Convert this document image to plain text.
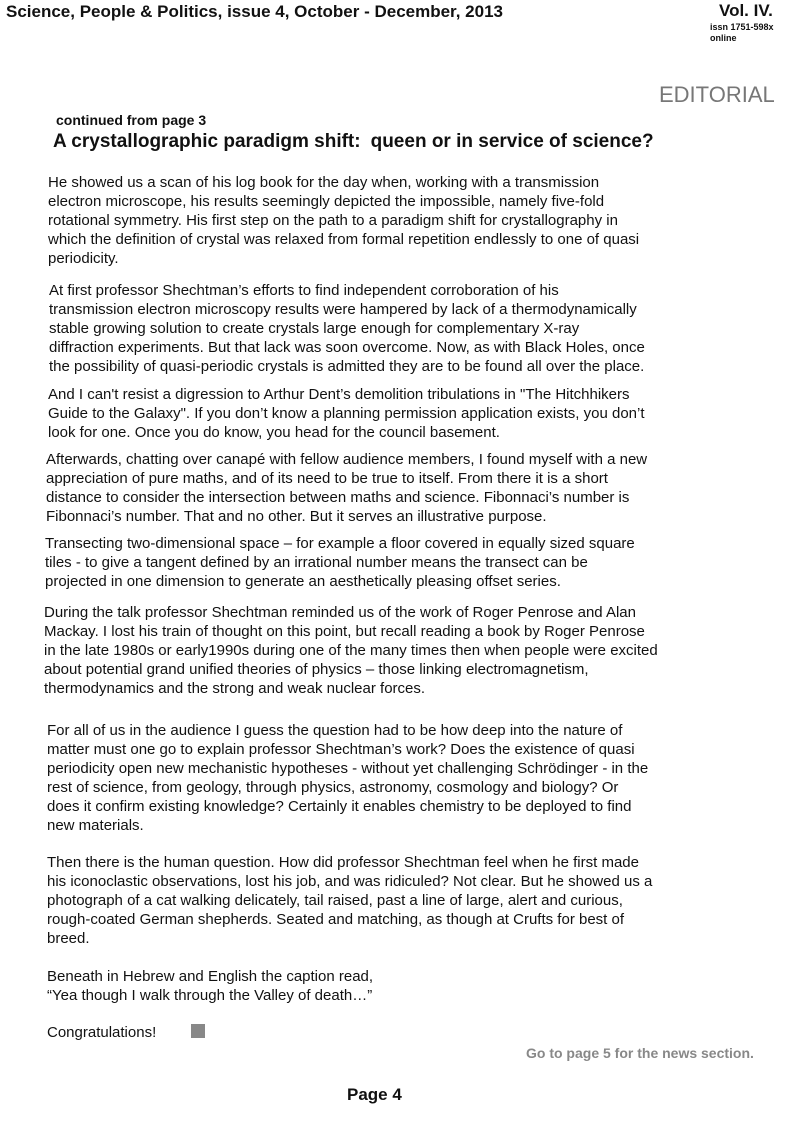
Science, People & Politics, issue 4, October - December, 2013	Vol. IV.
issn 1751-598x
online
EDITORIAL
continued from page 3
A crystallographic paradigm shift: queen or in service of science?
He showed us a scan of his log book for the day when, working with a transmission
electron microscope, his results seemingly depicted the impossible, namely five-fold
rotational symmetry. His first step on the path to a paradigm shift for crystallography in
which the definition of crystal was relaxed from formal repetition endlessly to one of quasi
periodicity.
At first professor Shechtman’s efforts to find independent corroboration of his
transmission electron microscopy results were hampered by lack of a thermodynamically
stable growing solution to create crystals large enough for complementary X-ray
diffraction experiments. But that lack was soon overcome. Now, as with Black Holes, once
the possibility of quasi-periodic crystals is admitted they are to be found all over the place.
And I can't resist a digression to Arthur Dent’s demolition tribulations in "The Hitchhikers
Guide to the Galaxy". If you don’t know a planning permission application exists, you don’t
look for one. Once you do know, you head for the council basement.
Afterwards, chatting over canapé with fellow audience members, I found myself with a new
appreciation of pure maths, and of its need to be true to itself. From there it is a short
distance to consider the intersection between maths and science. Fibonnaci’s number is
Fibonnaci’s number. That and no other. But it serves an illustrative purpose.
Transecting two-dimensional space – for example a floor covered in equally sized square
tiles - to give a tangent defined by an irrational number means the transect can be
projected in one dimension to generate an aesthetically pleasing offset series.
During the talk professor Shechtman reminded us of the work of Roger Penrose and Alan
Mackay. I lost his train of thought on this point, but recall reading a book by Roger Penrose
in the late 1980s or early1990s during one of the many times then when people were excited
about potential grand unified theories of physics – those linking electromagnetism,
thermodynamics and the strong and weak nuclear forces.
For all of us in the audience I guess the question had to be how deep into the nature of
matter must one go to explain professor Shechtman’s work? Does the existence of quasi
periodicity open new mechanistic hypotheses - without yet challenging Schrödinger - in the
rest of science, from geology, through physics, astronomy, cosmology and biology? Or
does it confirm existing knowledge? Certainly it enables chemistry to be deployed to find
new materials.
Then there is the human question. How did professor Shechtman feel when he first made
his iconoclastic observations, lost his job, and was ridiculed? Not clear. But he showed us a
photograph of a cat walking delicately, tail raised, past a line of large, alert and curious,
rough-coated German shepherds. Seated and matching, as though at Crufts for best of
breed.
Beneath in Hebrew and English the caption read,
“Yea though I walk through the Valley of death…”
Congratulations!
Go to page 5 for the news section.
Page 4
